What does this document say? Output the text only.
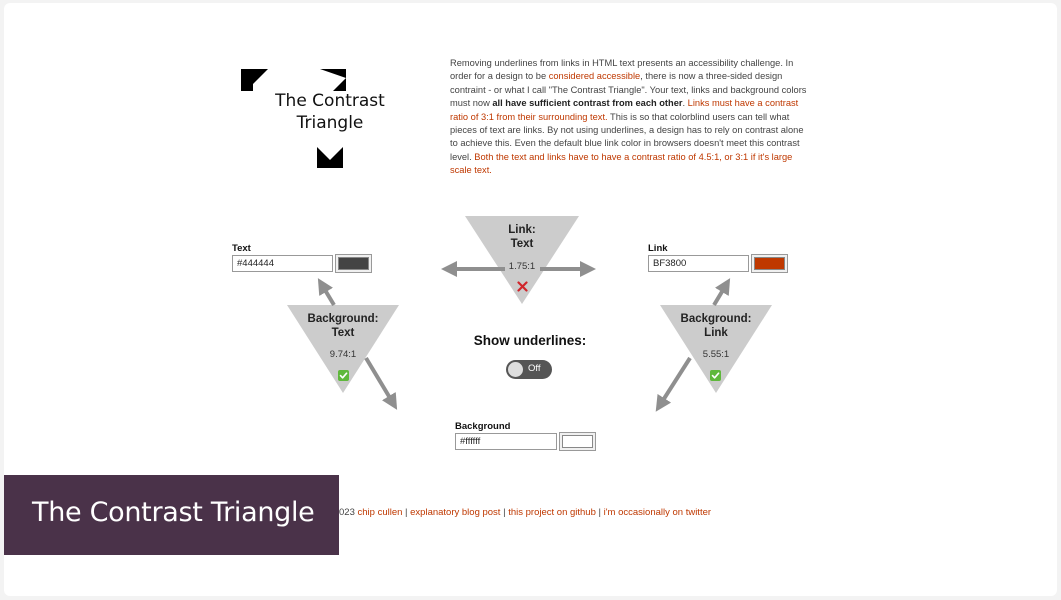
The Contrast
Triangle
Removing underlines from links in HTML text presents an accessibility challenge. In order for a design to be considered accessible, there is now a three-sided design contraint - or what I call "The Contrast Triangle". Your text, links and background colors must now all have sufficient contrast from each other. Links must have a contrast ratio of 3:1 from their surrounding text. This is so that colorblind users can tell what pieces of text are links. By not using underlines, a design has to rely on contrast alone to achieve this. Even the default blue link color in browsers doesn't meet this contrast level. Both the text and links have to have a contrast ratio of 4.5:1, or 3:1 if it's large scale text.
Text
#444444	Link
BF3800
Background
#ffffff
Link:
Text
1.75:1
Background:
Text
9.74:1
Background:
Link
5.55:1
Show underlines:
Off
023 chip cullen | explanatory blog post | this project on github | i'm occasionally on twitter
The Contrast Triangle
